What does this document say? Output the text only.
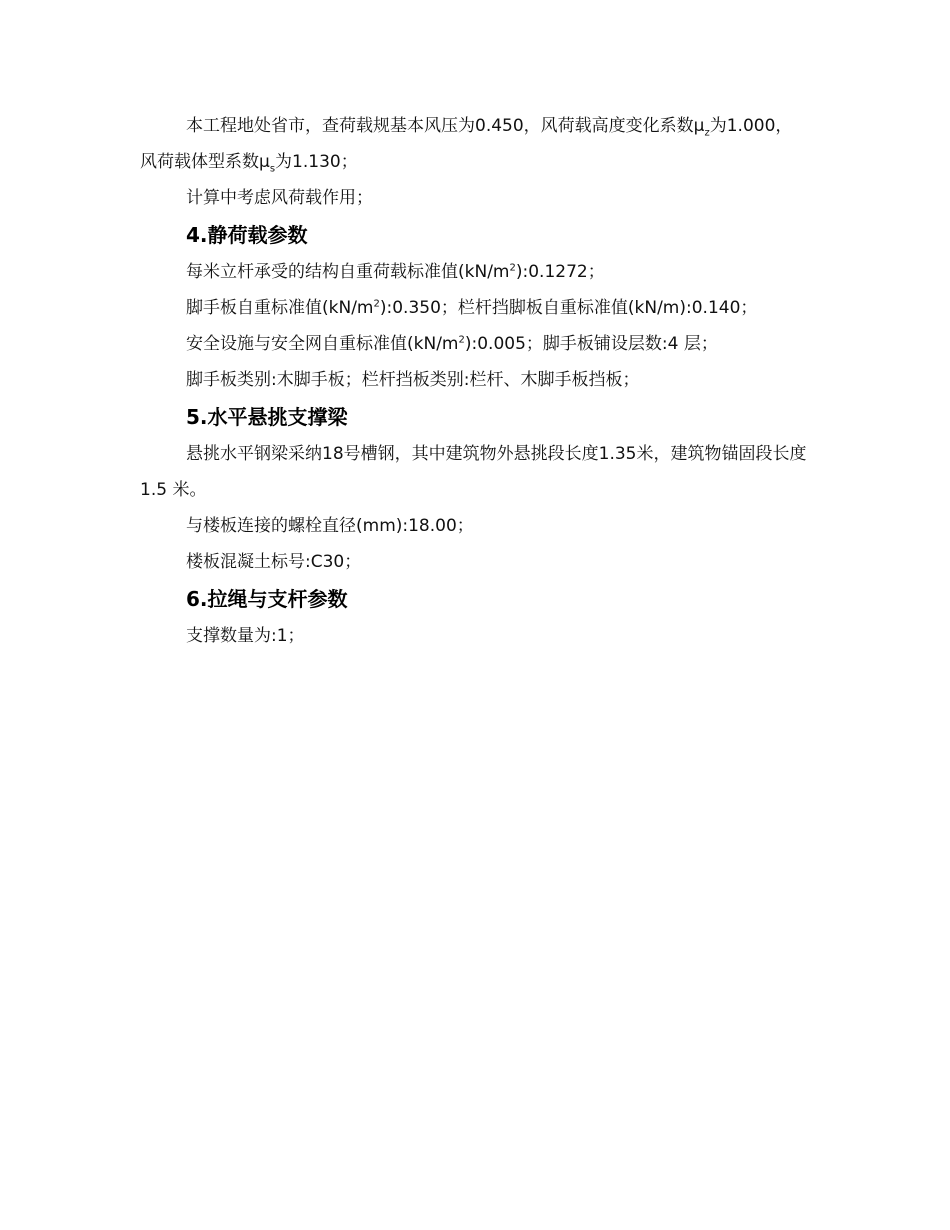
本工程地处省市，查荷载规基本风压为0.450，风荷载高度变化系数$\mu_z$为1.000，风荷载体型系数$\mu_s$为1.130；

计算中考虑风荷载作用；

4.静荷载参数

每米立杆承受的结构自重荷载标准值$(kN/m^2):0.1272$；

脚手板自重标准值$(kN/m^2):0.350$；栏杆挡脚板自重标准值(kN/m):0.140；

安全设施与安全网自重标准值$(kN/m^2):0.005$；脚手板铺设层数:4 层；

脚手板类别:木脚手板；栏杆挡板类别:栏杆、木脚手板挡板；

5.水平悬挑支撑梁

悬挑水平钢梁采纳18号槽钢，其中建筑物外悬挑段长度1.35米，建筑物锚固段长度 1.5 米。

与楼板连接的螺栓直径(mm):18.00；

楼板混凝土标号:C30；

6.拉绳与支杆参数

支撑数量为:1；
